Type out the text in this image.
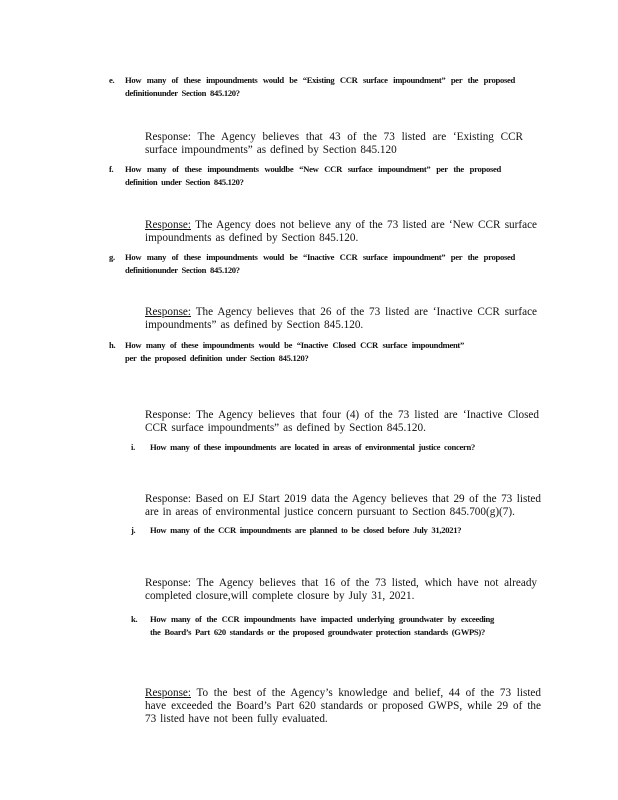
e.	How many of these impoundments would be “Existing CCR surface impoundment” per the proposed definitionunder Section 845.120?

Response: The Agency believes that 43 of the 73 listed are ‘Existing CCR surface impoundments” as defined by Section 845.120

f.	How many of these impoundments wouldbe “New CCR surface impoundment” per the proposed definition under Section 845.120?

Response: The Agency does not believe any of the 73 listed are ‘New CCR surface impoundments as defined by Section 845.120.

g.	How many of these impoundments would be “Inactive CCR surface impoundment” per the proposed definitionunder Section 845.120?

Response: The Agency believes that 26 of the 73 listed are ‘Inactive CCR surface impoundments” as defined by Section 845.120.

h.	How many of these impoundments would be “Inactive Closed CCR surface impoundment” per the proposed definition under Section 845.120?

Response: The Agency believes that four (4) of the 73 listed are ‘Inactive Closed CCR surface impoundments” as defined by Section 845.120.

i.	How many of these impoundments are located in areas of environmental justice concern?

Response: Based on EJ Start 2019 data the Agency believes that 29 of the 73 listed are in areas of environmental justice concern pursuant to Section 845.700(g)(7).

j.	How many of the CCR impoundments are planned to be closed before July 31,2021?

Response: The Agency believes that 16 of the 73 listed, which have not already completed closure,will complete closure by July 31, 2021.

k.	How many of the CCR impoundments have impacted underlying groundwater by exceeding the Board’s Part 620 standards or the proposed groundwater protection standards (GWPS)?

Response: To the best of the Agency’s knowledge and belief, 44 of the 73 listed have exceeded the Board’s Part 620 standards or proposed GWPS, while 29 of the 73 listed have not been fully evaluated.
